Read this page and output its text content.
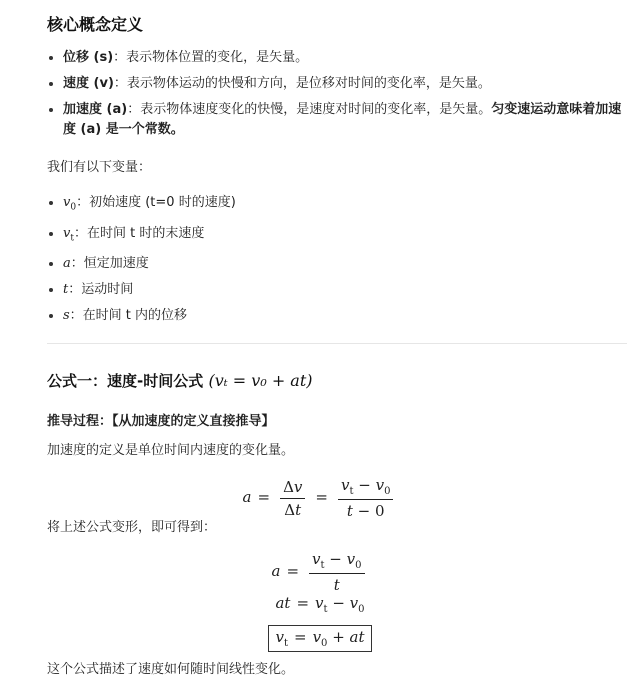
核心概念定义
位移 (s)：表示物体位置的变化，是矢量。
速度 (v)：表示物体运动的快慢和方向，是位移对时间的变化率，是矢量。
加速度 (a)：表示物体速度变化的快慢，是速度对时间的变化率，是矢量。匀变速运动意味着加速度 (a) 是一个常数。

我们有以下变量：

$v_0$：初始速度 (t=0 时的速度)
$v_t$：在时间 t 时的末速度
a：恒定加速度
t：运动时间
s：在时间 t 内的位移
公式一：速度-时间公式 (vₜ = v₀ + at)

推导过程：【从加速度的定义直接推导】

加速度的定义是单位时间内速度的变化量。

$a = \frac{\Delta v}{\Delta t} = \frac{v_t - v_0}{t - 0}$

将上述公式变形，即可得到：

$a = \frac{v_t - v_0}{t}$
at = $v_t - v_0$
$v_t = v_0$ + at

这个公式描述了速度如何随时间线性变化。
